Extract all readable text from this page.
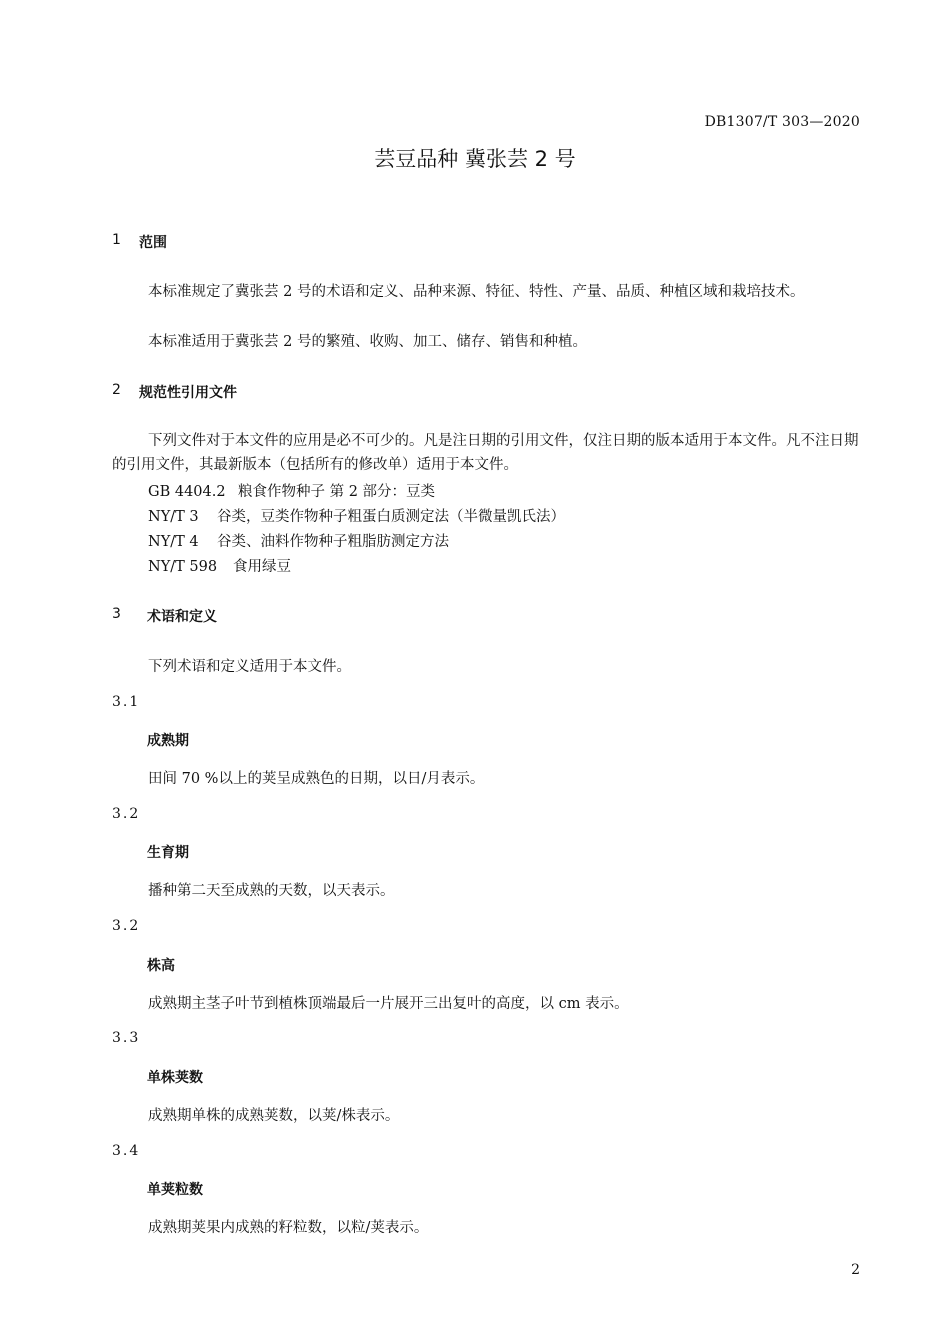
DB1307/T 303—2020
芸豆品种 冀张芸 2 号
1 范围
本标准规定了冀张芸 2 号的术语和定义、品种来源、特征、特性、产量、品质、种植区域和栽培技术。
本标准适用于冀张芸 2 号的繁殖、收购、加工、储存、销售和种植。
2 规范性引用文件
下列文件对于本文件的应用是必不可少的。凡是注日期的引用文件，仅注日期的版本适用于本文件。凡不注日期的引用文件，其最新版本（包括所有的修改单）适用于本文件。
GB 4404.2 粮食作物种子 第 2 部分：豆类
NY/T 3 谷类，豆类作物种子粗蛋白质测定法（半微量凯氏法）
NY/T 4 谷类、油料作物种子粗脂肪测定方法
NY/T 598 食用绿豆
3 术语和定义
下列术语和定义适用于本文件。
3.1
成熟期
田间 70 %以上的荚呈成熟色的日期，以日/月表示。
3.2
生育期
播种第二天至成熟的天数，以天表示。
3.2
株高
成熟期主茎子叶节到植株顶端最后一片展开三出复叶的高度，以 cm 表示。
3.3
单株荚数
成熟期单株的成熟荚数，以荚/株表示。
3.4
单荚粒数
成熟期荚果内成熟的籽粒数，以粒/荚表示。
2
